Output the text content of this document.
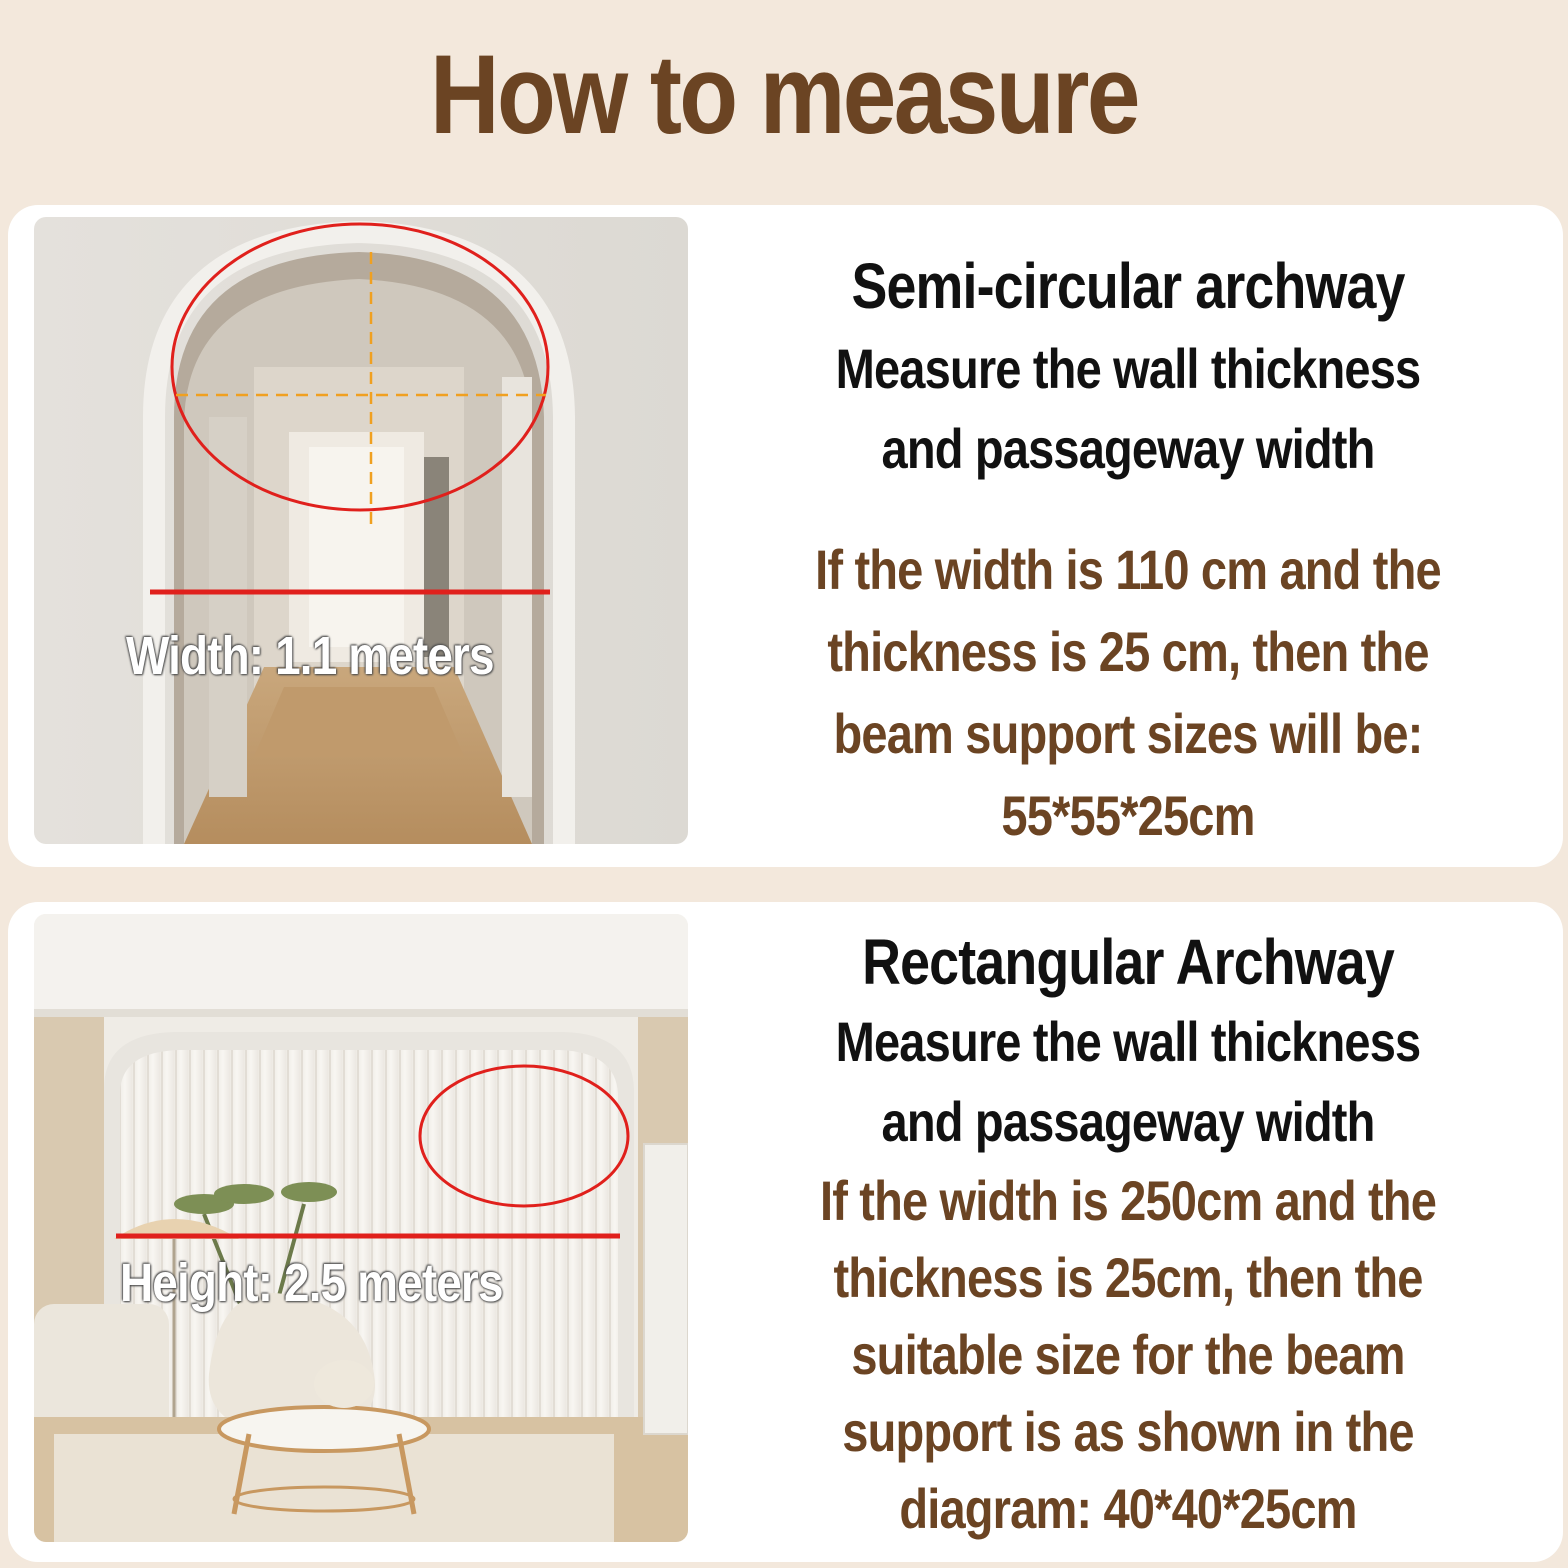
How to measure
Width: 1.1 meters
Semi-circular archway
Measure the wall thickness
and passageway width
If the width is 110 cm and the
thickness is 25 cm, then the
beam support sizes will be:
55*55*25cm
Height: 2.5 meters
Rectangular Archway
Measure the wall thickness
and passageway width
If the width is 250cm and the
thickness is 25cm, then the
suitable size for the beam
support is as shown in the
diagram: 40*40*25cm
